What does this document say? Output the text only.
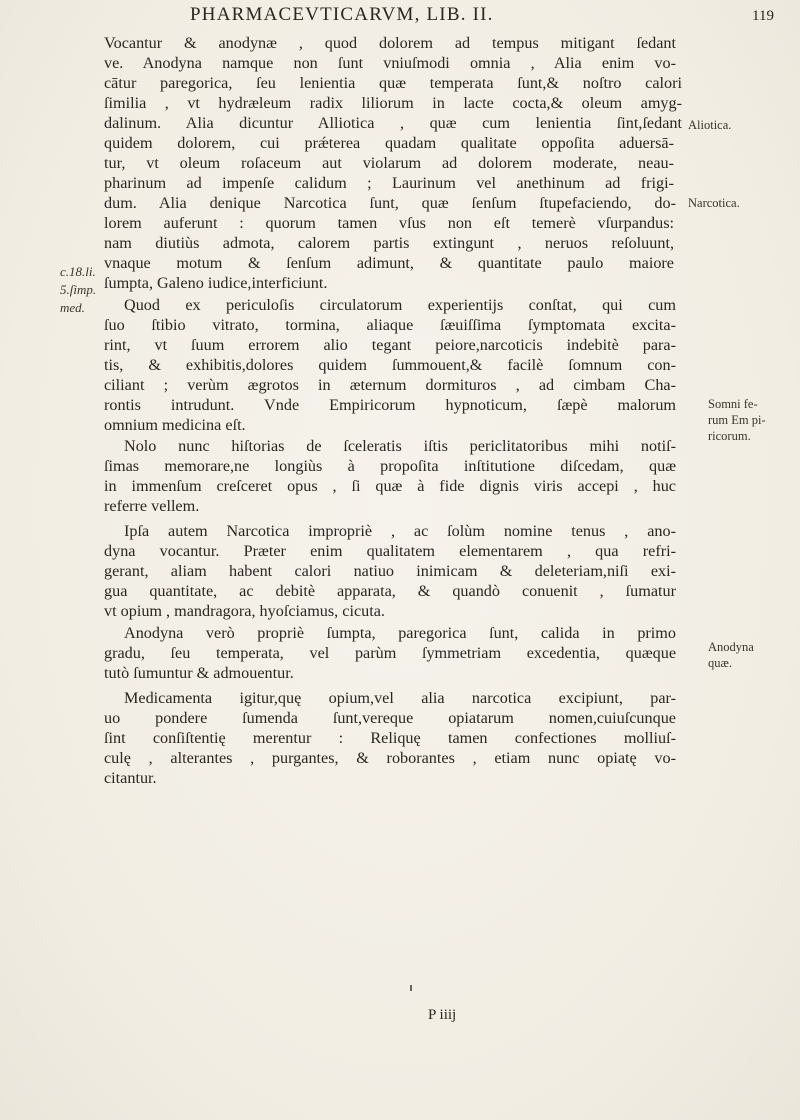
PHARMACEVTICARVM, LIB. II.	119
Vocantur & anodynæ , quod dolorem ad tempus mitigant ſedant
ve. Anodyna namque non ſunt vniuſmodi omnia , Alia enim vo-
cātur paregorica, ſeu lenientia quæ temperata ſunt,& noſtro calori
ſimilia , vt hydræleum radix liliorum in lacte cocta,& oleum amyg-
dalinum. Alia dicuntur Alliotica , quæ cum lenientia ſint,ſedant
quidem dolorem, cui prǽterea quadam qualitate oppoſita aduersā-
tur, vt oleum roſaceum aut violarum ad dolorem moderate, neau-
pharinum ad impenſe calidum ; Laurinum vel anethinum ad frigi-
dum. Alia denique Narcotica ſunt, quæ ſenſum ſtupefaciendo, do-
lorem auferunt : quorum tamen vſus non eſt temerè vſurpandus:
nam diutiùs admota, calorem partis extingunt , neruos reſoluunt,
vnaque motum & ſenſum adimunt, & quantitate paulo maiore
ſumpta, Galeno iudice,interficiunt.
Quod ex periculoſis circulatorum experientijs conſtat, qui cum
ſuo ſtibio vitrato, tormina, aliaque ſæuiſſima ſymptomata excita-
rint, vt ſuum errorem alio tegant peiore,narcoticis indebitè para-
tis, & exhibitis,dolores quidem ſummouent,& facilè ſomnum con-
ciliant ; verùm ægrotos in æternum dormituros , ad cimbam Cha-
rontis intrudunt. Vnde Empiricorum hypnoticum, ſæpè malorum
omnium medicina eſt.
Nolo nunc hiſtorias de ſceleratis iſtis periclitatoribus mihi notiſ-
ſimas memorare,ne longiùs à propoſita inſtitutione diſcedam, quæ
in immenſum creſceret opus , ſi quæ à fide dignis viris accepi , huc
referre vellem.
Ipſa autem Narcotica impropriè , ac ſolùm nomine tenus , ano-
dyna vocantur. Præter enim qualitatem elementarem , qua refri-
gerant, aliam habent calori natiuo inimicam & deleteriam,niſi exi-
gua quantitate, ac debitè apparata, & quandò conuenit , ſumatur
vt opium , mandragora, hyoſciamus, cicuta.
Anodyna verò propriè ſumpta, paregorica ſunt, calida in primo
gradu, ſeu temperata, vel parùm ſymmetriam excedentia, quæque
tutò ſumuntur & admouentur.
Medicamenta igitur,quę opium,vel alia narcotica excipiunt, par-
uo pondere ſumenda ſunt,vereque opiatarum nomen,cuiuſcunque
ſint conſiſtentię merentur : Reliquę tamen confectiones molliuſ-
culę , alterantes , purgantes, & roborantes , etiam nunc opiatę vo-
citantur.
Aliotica.
Narcotica.
Somni fe-
rum Em pi-
ricorum.
Anodyna
quæ.
c.18.li.
5.ſimp.
med.
P iiij
